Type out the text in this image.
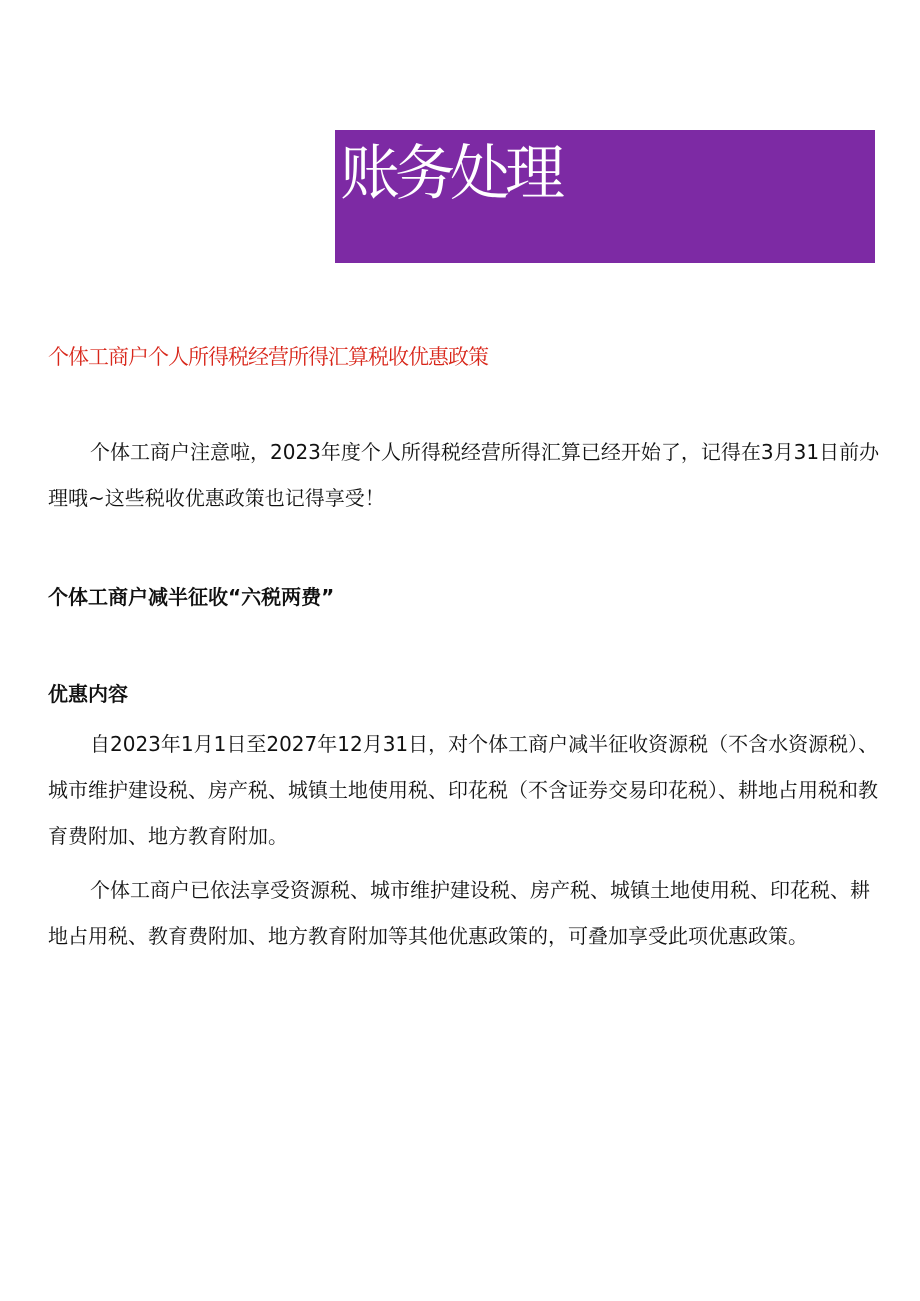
账务处理
个体工商户个人所得税经营所得汇算税收优惠政策

个体工商户注意啦，2023年度个人所得税经营所得汇算已经开始了，记得在3月31日前办理哦~这些税收优惠政策也记得享受！

个体工商户减半征收“六税两费”
优惠内容

自2023年1月1日至2027年12月31日，对个体工商户减半征收资源税（不含水资源税）、城市维护建设税、房产税、城镇土地使用税、印花税（不含证券交易印花税）、耕地占用税和教育费附加、地方教育附加。

个体工商户已依法享受资源税、城市维护建设税、房产税、城镇土地使用税、印花税、耕地占用税、教育费附加、地方教育附加等其他优惠政策的，可叠加享受此项优惠政策。
